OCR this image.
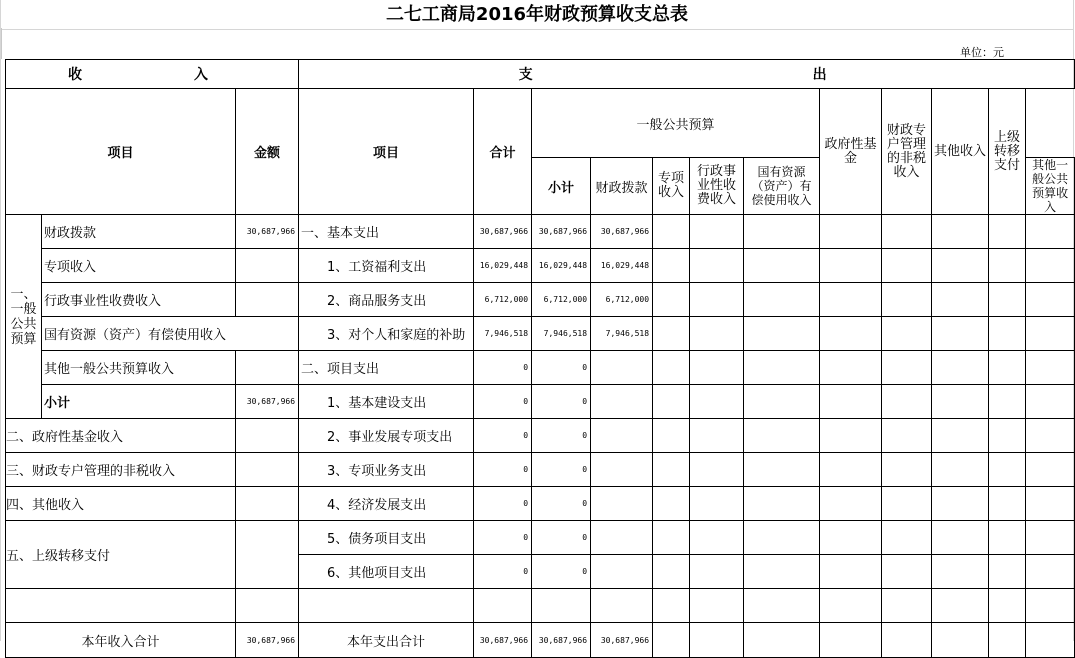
二七工商局2016年财政预算收支总表
单位：元
收　　入			支　　　　　　出											
项目		金额	项目	合计	一般公共预算					政府性基金	财政专户管理的非税收入	其他收入	上级转移支付	
					小计	财政拨款	专项收入	行政事业性收费收入	国有资源（资产）有偿使用收入					其他一般公共预算收入
一、一般公共预算	财政拨款	30,687,966	一、基本支出	30,687,966	30,687,966	30,687,966								
	专项收入		1、工资福利支出	16,029,448	16,029,448	16,029,448								
	行政事业性收费收入		2、商品服务支出	6,712,000	6,712,000	6,712,000								
	国有资源（资产）有偿使用收入		3、对个人和家庭的补助	7,946,518	7,946,518	7,946,518								
	其他一般公共预算收入		二、项目支出	0	0									
	小计	30,687,966	1、基本建设支出	0	0									
二、政府性基金收入			2、事业发展专项支出	0	0									
三、财政专户管理的非税收入			3、专项业务支出	0	0									
四、其他收入			4、经济发展支出	0	0									
五、上级转移支付			5、债务项目支出	0	0									
			6、其他项目支出	0	0									

本年收入合计		30,687,966	本年支出合计	30,687,966	30,687,966	30,687,966								
